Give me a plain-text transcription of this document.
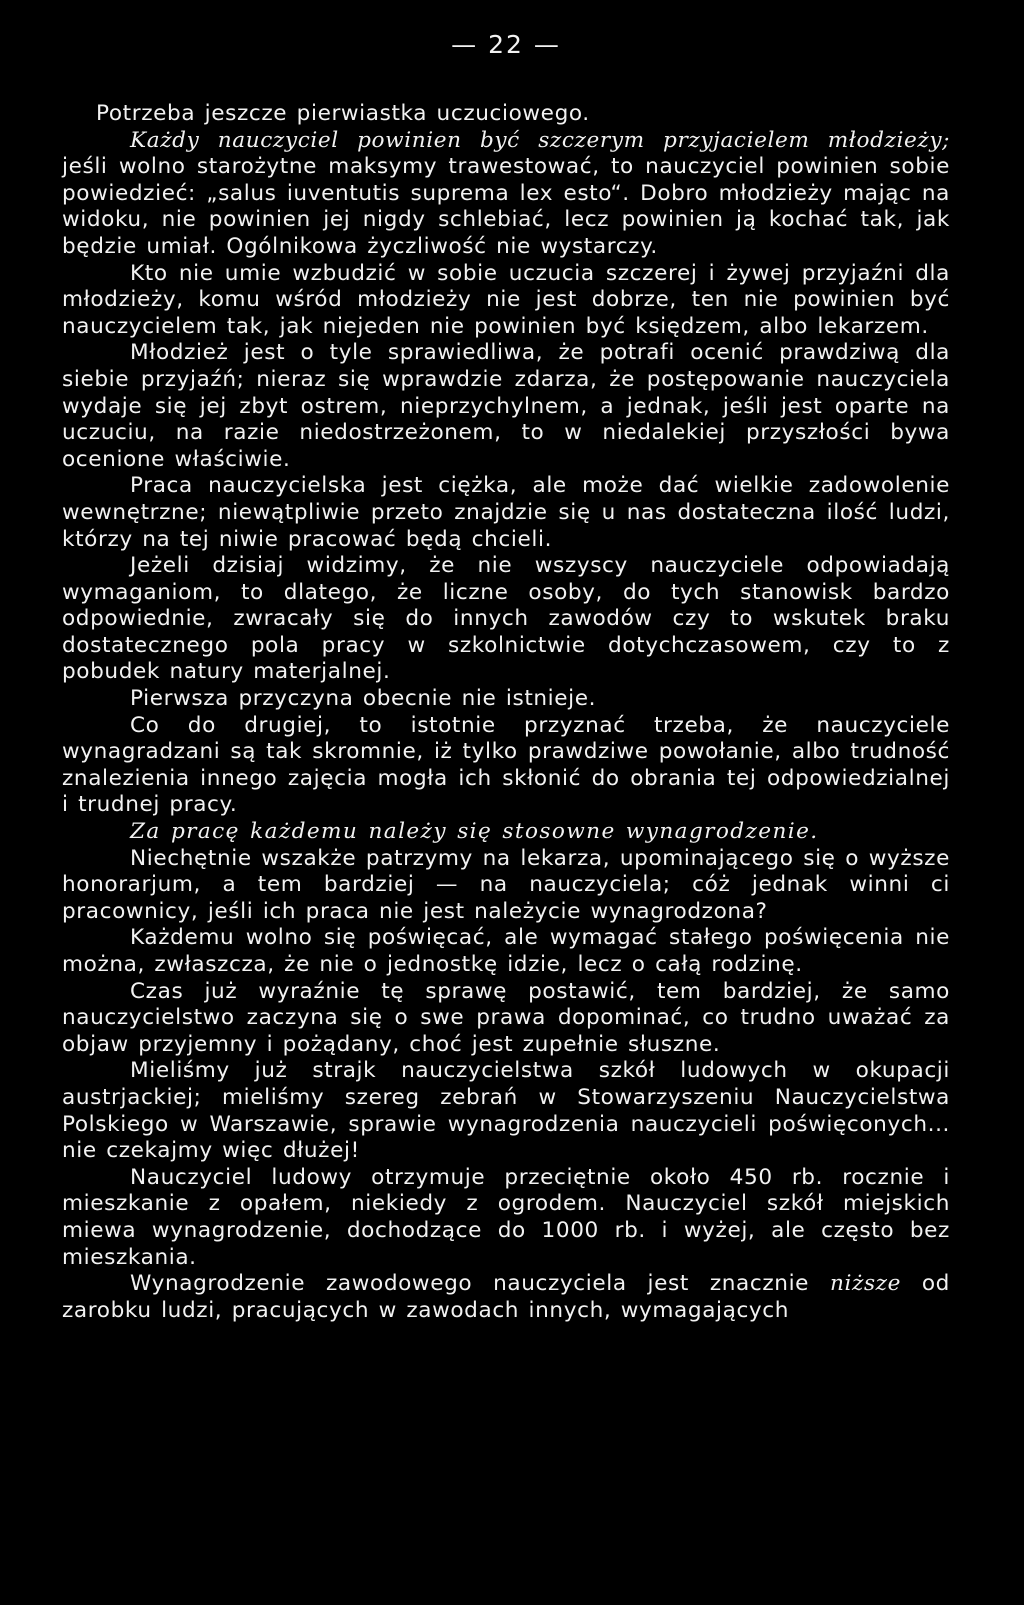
— 22 —

Potrzeba jeszcze pierwiastka uczuciowego.

Każdy nauczyciel powinien być szczerym przyjacielem młodzieży; jeśli wolno starożytne maksymy trawestować, to nauczyciel powinien sobie powiedzieć: „salus iuventutis suprema lex esto“. Dobro młodzieży mając na widoku, nie powinien jej nigdy schlebiać, lecz powinien ją kochać tak, jak będzie umiał. Ogólnikowa życzliwość nie wystarczy.

Kto nie umie wzbudzić w sobie uczucia szczerej i żywej przyjaźni dla młodzieży, komu wśród młodzieży nie jest dobrze, ten nie powinien być nauczycielem tak, jak niejeden nie powinien być księdzem, albo lekarzem.

Młodzież jest o tyle sprawiedliwa, że potrafi ocenić prawdziwą dla siebie przyjaźń; nieraz się wprawdzie zdarza, że postępowanie nauczyciela wydaje się jej zbyt ostrem, nieprzychylnem, a jednak, jeśli jest oparte na uczuciu, na razie niedostrzeżonem, to w niedalekiej przyszłości bywa ocenione właściwie.

Praca nauczycielska jest ciężka, ale może dać wielkie zadowolenie wewnętrzne; niewątpliwie przeto znajdzie się u nas dostateczna ilość ludzi, którzy na tej niwie pracować będą chcieli.

Jeżeli dzisiaj widzimy, że nie wszyscy nauczyciele odpowiadają wymaganiom, to dlatego, że liczne osoby, do tych stanowisk bardzo odpowiednie, zwracały się do innych zawodów czy to wskutek braku dostatecznego pola pracy w szkolnictwie dotychczasowem, czy to z pobudek natury materjalnej.

Pierwsza przyczyna obecnie nie istnieje.

Co do drugiej, to istotnie przyznać trzeba, że nauczyciele wynagradzani są tak skromnie, iż tylko prawdziwe powołanie, albo trudność znalezienia innego zajęcia mogła ich skłonić do obrania tej odpowiedzialnej i trudnej pracy.

Za pracę każdemu należy się stosowne wynagrodzenie.

Niechętnie wszakże patrzymy na lekarza, upominającego się o wyższe honorarjum, a tem bardziej — na nauczyciela; cóż jednak winni ci pracownicy, jeśli ich praca nie jest należycie wynagrodzona?

Każdemu wolno się poświęcać, ale wymagać stałego poświęcenia nie można, zwłaszcza, że nie o jednostkę idzie, lecz o całą rodzinę.

Czas już wyraźnie tę sprawę postawić, tem bardziej, że samo nauczycielstwo zaczyna się o swe prawa dopominać, co trudno uważać za objaw przyjemny i pożądany, choć jest zupełnie słuszne.

Mieliśmy już strajk nauczycielstwa szkół ludowych w okupacji austrjackiej; mieliśmy szereg zebrań w Stowarzyszeniu Nauczycielstwa Polskiego w Warszawie, sprawie wynagrodzenia nauczycieli poświęconych... nie czekajmy więc dłużej!

Nauczyciel ludowy otrzymuje przeciętnie około 450 rb. rocznie i mieszkanie z opałem, niekiedy z ogrodem. Nauczyciel szkół miejskich miewa wynagrodzenie, dochodzące do 1000 rb. i wyżej, ale często bez mieszkania.

Wynagrodzenie zawodowego nauczyciela jest znacznie niższe od zarobku ludzi, pracujących w zawodach innych, wymagających
